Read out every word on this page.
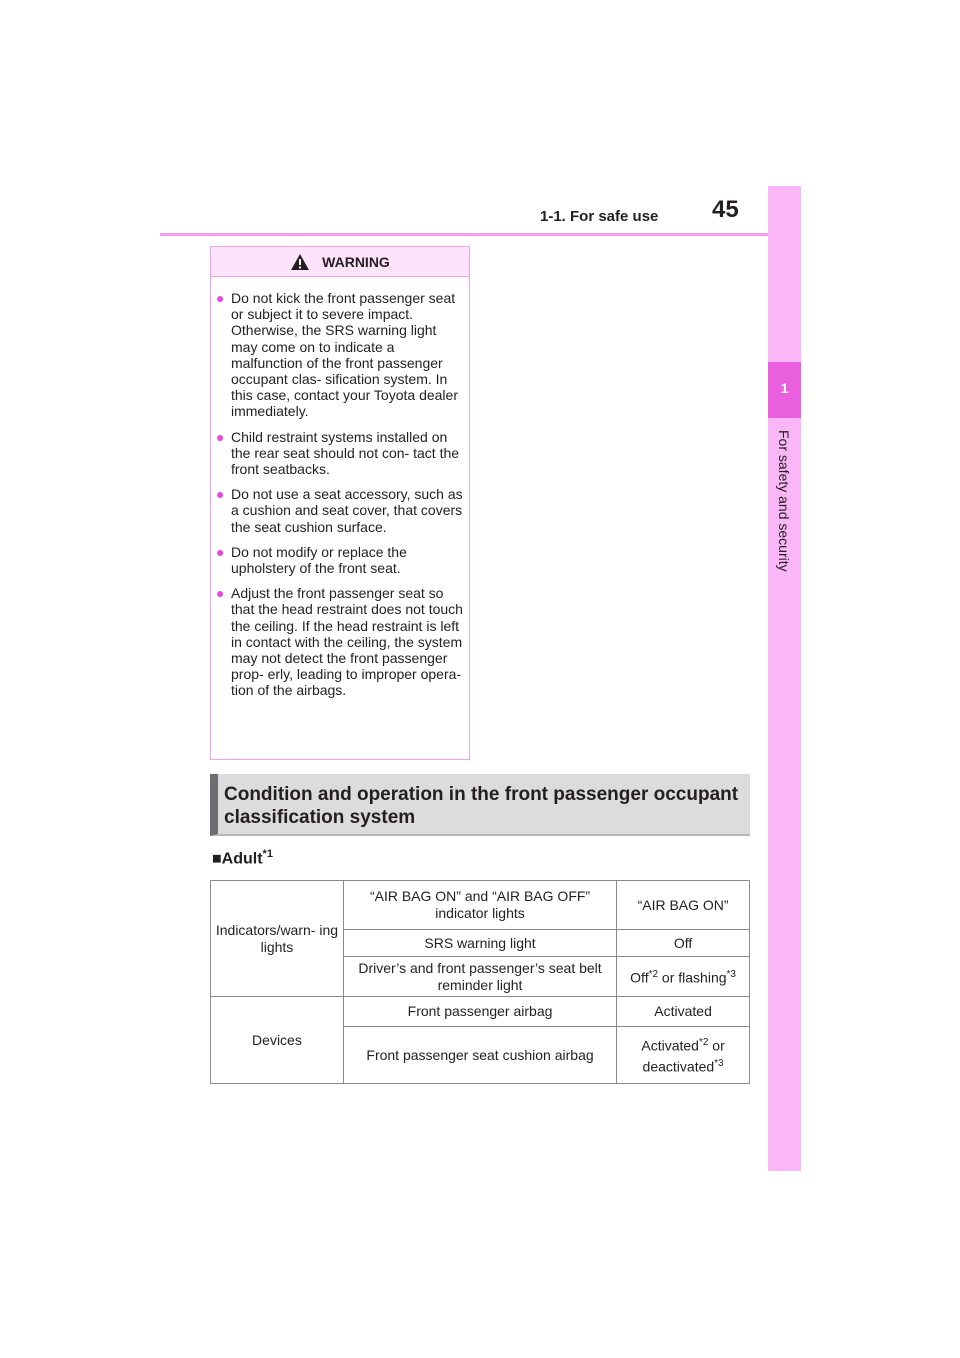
1-1. For safe use 45
1
For safety and security
WARNING
● Do not kick the front passenger seat or subject it to severe impact. Otherwise, the SRS warning light may come on to indicate a malfunction of the front passenger occupant clas- sification system. In this case, contact your Toyota dealer immediately.
● Child restraint systems installed on the rear seat should not con- tact the front seatbacks.
● Do not use a seat accessory, such as a cushion and seat cover, that covers the seat cushion surface.
● Do not modify or replace the upholstery of the front seat.
● Adjust the front passenger seat so that the head restraint does not touch the ceiling. If the head restraint is left in contact with the ceiling, the system may not detect the front passenger prop- erly, leading to improper opera- tion of the airbags.
Condition and operation in the front passenger occupant classification system
■Adult$^{*1}$
Indicators/warn- ing lights	“AIR BAG ON” and “AIR BAG OFF” indicator lights	“AIR BAG ON”
	SRS warning light	Off
	Driver’s and front passenger’s seat belt reminder light	Off$^{*2}$ or flashing$^{*3}$
Devices	Front passenger airbag	Activated
	Front passenger seat cushion airbag	Activated$^{*2}$ or
deactivated$^{*3}$
